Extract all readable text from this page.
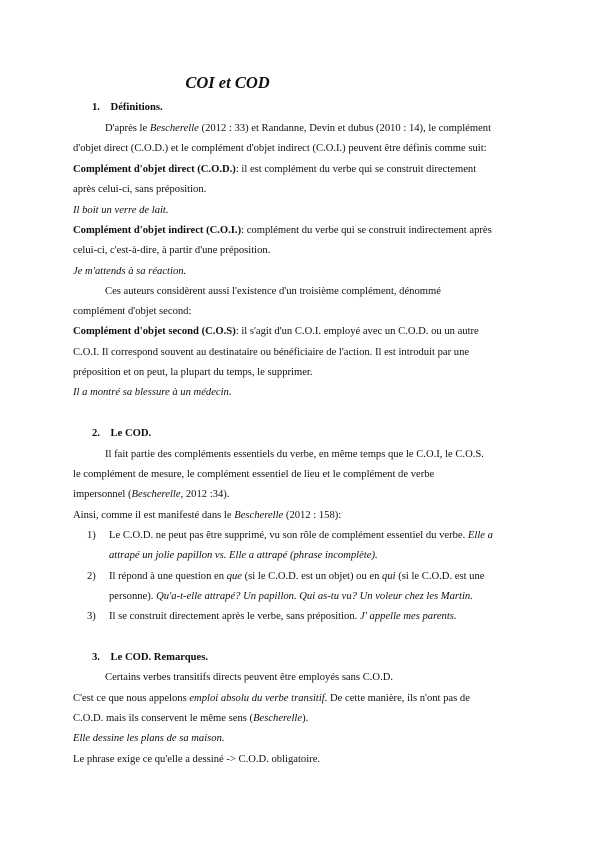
COI et COD
1.    Définitions.
D'après le Bescherelle (2012 : 33) et Randanne, Devin et dubus (2010 : 14), le complément
d'objet direct (C.O.D.) et le complément d'objet indirect (C.O.I.) peuvent être définis comme suit:
Complément d'objet direct (C.O.D.): il est complément du verbe qui se construit directement
après celui-ci, sans préposition.
Il boit un verre de lait.
Complément d'objet indirect (C.O.I.): complément du verbe qui se construit indirectement après
celui-ci, c'est-à-dire, à partir d'une préposition.
Je m'attends à sa réaction.
Ces auteurs considèrent aussi l'existence d'un troisième complément, dénommé
complément d'objet second:
Complément d'objet second (C.O.S): il s'agit d'un C.O.I. employé avec un C.O.D. ou un autre
C.O.I. Il correspond souvent au destinataire ou bénéficiaire de l'action. Il est introduit par une
préposition et on peut, la plupart du temps, le supprimer.
Il a montré sa blessure à un médecin.
2.    Le COD.
Il fait partie des compléments essentiels du verbe, en même temps que le C.O.I, le C.O.S.
le complément de mesure, le complément essentiel de lieu et le complément de verbe
impersonnel (Bescherelle, 2012 :34).
Ainsi, comme il est manifesté dans le Bescherelle (2012 : 158):
1) Le C.O.D. ne peut pas être supprimé, vu son rôle de complément essentiel du verbe. Elle a
attrapé un jolie papillon vs. Elle a attrapé (phrase incomplète).
2) Il répond à une question en que (si le C.O.D. est un objet) ou en qui (si le C.O.D. est une
personne). Qu'a-t-elle attrapé? Un papillon. Qui as-tu vu? Un voleur chez les Martin.
3) Il se construit directement après le verbe, sans préposition. J' appelle mes parents.
3.    Le COD. Remarques.
Certains verbes transitifs directs peuvent être employés sans C.O.D.
C'est ce que nous appelons emploi absolu du verbe transitif. De cette manière, ils n'ont pas de
C.O.D. mais ils conservent le même sens (Bescherelle).
Elle dessine les plans de sa maison.
Le phrase exige ce qu'elle a dessiné -> C.O.D. obligatoire.
